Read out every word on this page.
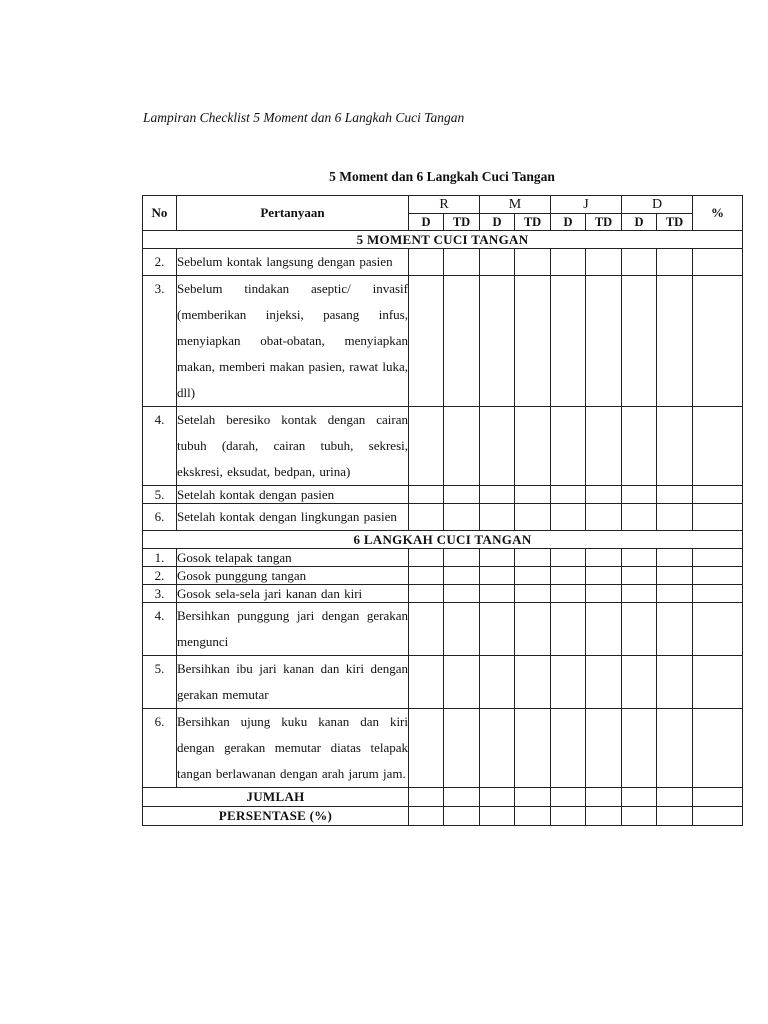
Lampiran Checklist 5 Moment dan 6 Langkah Cuci Tangan
5 Moment dan 6 Langkah Cuci Tangan
No	Pertanyaan	R		M		J		D		%
		D	TD	D	TD	D	TD	D	TD	
5 MOMENT CUCI TANGAN										
2.	Sebelum kontak langsung dengan pasien									
3.	Sebelum tindakan aseptic/ invasif (memberikan injeksi, pasang infus, menyiapkan obat-obatan, menyiapkan makan, memberi makan pasien, rawat luka, dll)									
4.	Setelah beresiko kontak dengan cairan tubuh (darah, cairan tubuh, sekresi, ekskresi, eksudat, bedpan, urina)									
5.	Setelah kontak dengan pasien									
6.	Setelah kontak dengan lingkungan pasien									
6 LANGKAH CUCI TANGAN										
1.	Gosok telapak tangan									
2.	Gosok punggung tangan									
3.	Gosok sela-sela jari kanan dan kiri									
4.	Bersihkan punggung jari dengan gerakan mengunci									
5.	Bersihkan ibu jari kanan dan kiri dengan gerakan memutar									
6.	Bersihkan ujung kuku kanan dan kiri dengan gerakan memutar diatas telapak tangan berlawanan dengan arah jarum jam.									
JUMLAH										
PERSENTASE (%)										
